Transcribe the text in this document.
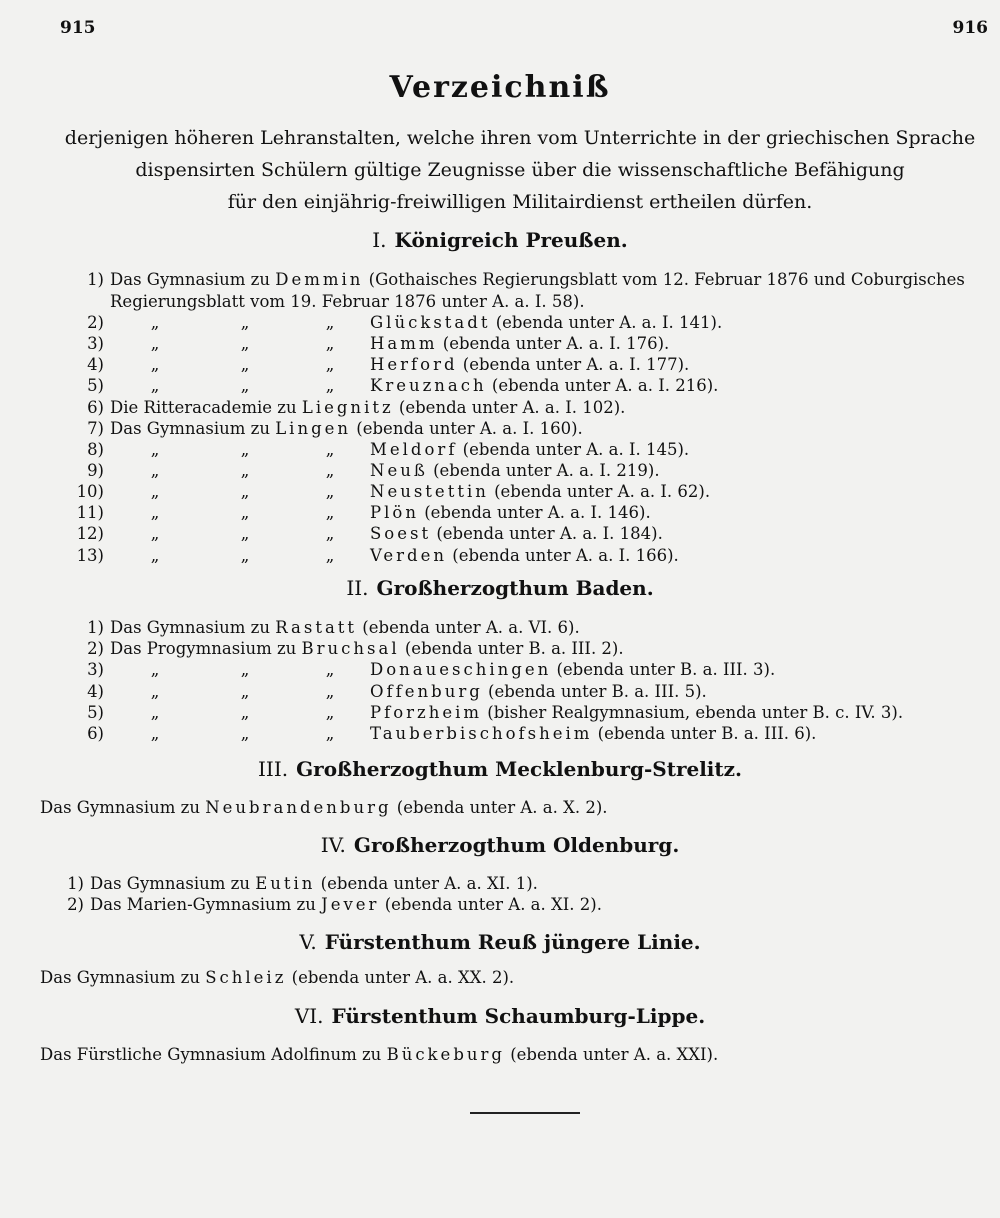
915	916
Verzeichniß
derjenigen höheren Lehranstalten, welche ihren vom Unterrichte in der griechischen Sprache
dispensirten Schülern gültige Zeugnisse über die wissenschaftliche Befähigung
für den einjährig-freiwilligen Militairdienst ertheilen dürfen.
I. Königreich Preußen.
1) Das Gymnasium zu Demmin (Gothaisches Regierungsblatt vom 12. Februar 1876 und Coburgisches
Regierungsblatt vom 19. Februar 1876 unter A. a. I. 58).
2)	„	„	„ Glückstadt (ebenda unter A. a. I. 141).
3)	„	„	„ Hamm (ebenda unter A. a. I. 176).
4)	„	„	„ Herford (ebenda unter A. a. I. 177).
5)	„	„	„ Kreuznach (ebenda unter A. a. I. 216).
6) Die Ritteracademie zu Liegnitz (ebenda unter A. a. I. 102).
7) Das Gymnasium zu Lingen (ebenda unter A. a. I. 160).
8)	„	„	„ Meldorf (ebenda unter A. a. I. 145).
9)	„	„	„ Neuß (ebenda unter A. a. I. 219).
10)	„	„	„ Neustettin (ebenda unter A. a. I. 62).
11)	„	„	„ Plön (ebenda unter A. a. I. 146).
12)	„	„	„ Soest (ebenda unter A. a. I. 184).
13)	„	„	„ Verden (ebenda unter A. a. I. 166).
II. Großherzogthum Baden.
1) Das Gymnasium zu Rastatt (ebenda unter A. a. VI. 6).
2) Das Progymnasium zu Bruchsal (ebenda unter B. a. III. 2).
3)	„	„	„ Donaueschingen (ebenda unter B. a. III. 3).
4)	„	„	„ Offenburg (ebenda unter B. a. III. 5).
5)	„	„	„ Pforzheim (bisher Realgymnasium, ebenda unter B. c. IV. 3).
6)	„	„	„ Tauberbischofsheim (ebenda unter B. a. III. 6).
III. Großherzogthum Mecklenburg-Strelitz.
Das Gymnasium zu Neubrandenburg (ebenda unter A. a. X. 2).
IV. Großherzogthum Oldenburg.
1) Das Gymnasium zu Eutin (ebenda unter A. a. XI. 1).
2) Das Marien-Gymnasium zu Jever (ebenda unter A. a. XI. 2).
V. Fürstenthum Reuß jüngere Linie.
Das Gymnasium zu Schleiz (ebenda unter A. a. XX. 2).
VI. Fürstenthum Schaumburg-Lippe.
Das Fürstliche Gymnasium Adolfinum zu Bückeburg (ebenda unter A. a. XXI).
